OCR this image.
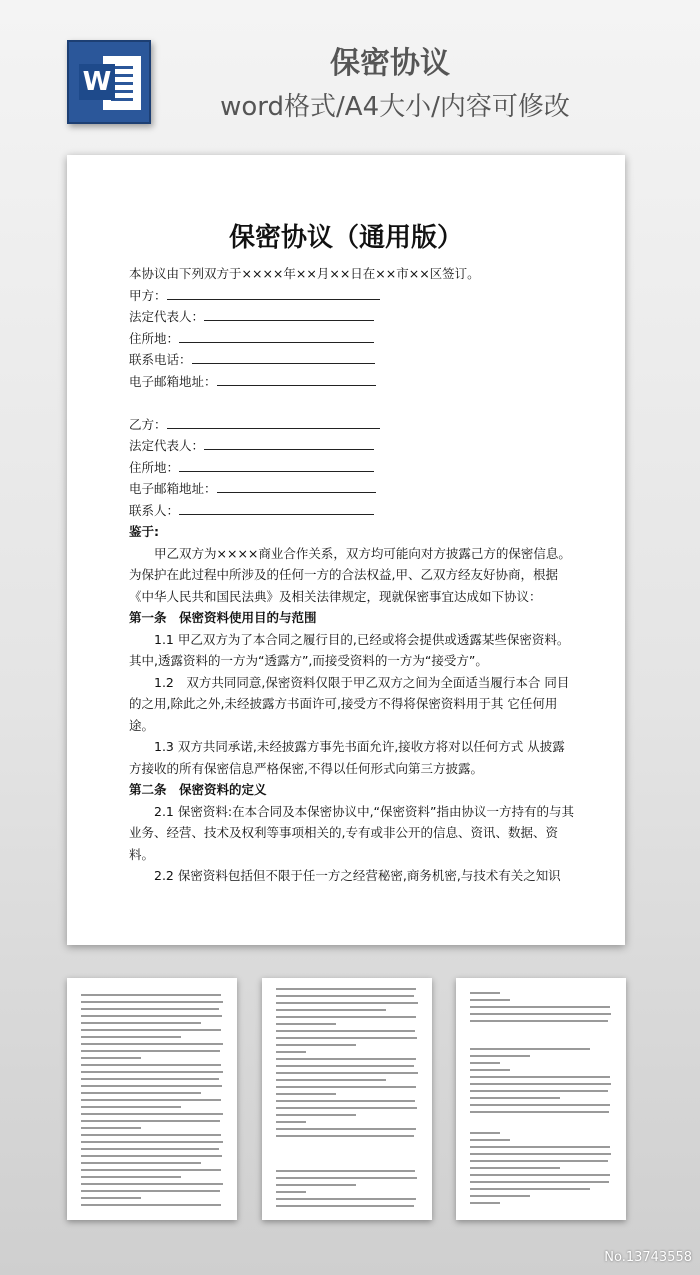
W
保密协议
word格式/A4大小/内容可修改
保密协议（通用版）

本协议由下列双方于××××年××月××日在××市××区签订。

甲方：

法定代表人：

住所地：

联系电话：

电子邮箱地址：

乙方：

法定代表人：

住所地：

电子邮箱地址：

联系人：

鉴于:

甲乙双方为××××商业合作关系，双方均可能向对方披露己方的保密信息。为保护在此过程中所涉及的任何一方的合法权益,甲、乙双方经友好协商，根据《中华人民共和国民法典》及相关法律规定，现就保密事宜达成如下协议：

第一条　保密资料使用目的与范围

1.1 甲乙双方为了本合同之履行目的,已经或将会提供或透露某些保密资料。其中,透露资料的一方为“透露方”,而接受资料的一方为“接受方”。

1.2　双方共同同意,保密资料仅限于甲乙双方之间为全面适当履行本合 同目的之用,除此之外,未经披露方书面许可,接受方不得将保密资料用于其 它任何用途。

1.3 双方共同承诺,未经披露方事先书面允许,接收方将对以任何方式 从披露方接收的所有保密信息严格保密,不得以任何形式向第三方披露。

第二条　保密资料的定义

2.1 保密资料:在本合同及本保密协议中,“保密资料”指由协议一方持有的与其业务、经营、技术及权利等事项相关的,专有或非公开的信息、资讯、数据、资料。

2.2 保密资料包括但不限于任一方之经营秘密,商务机密,与技术有关之知识

No.13743558
